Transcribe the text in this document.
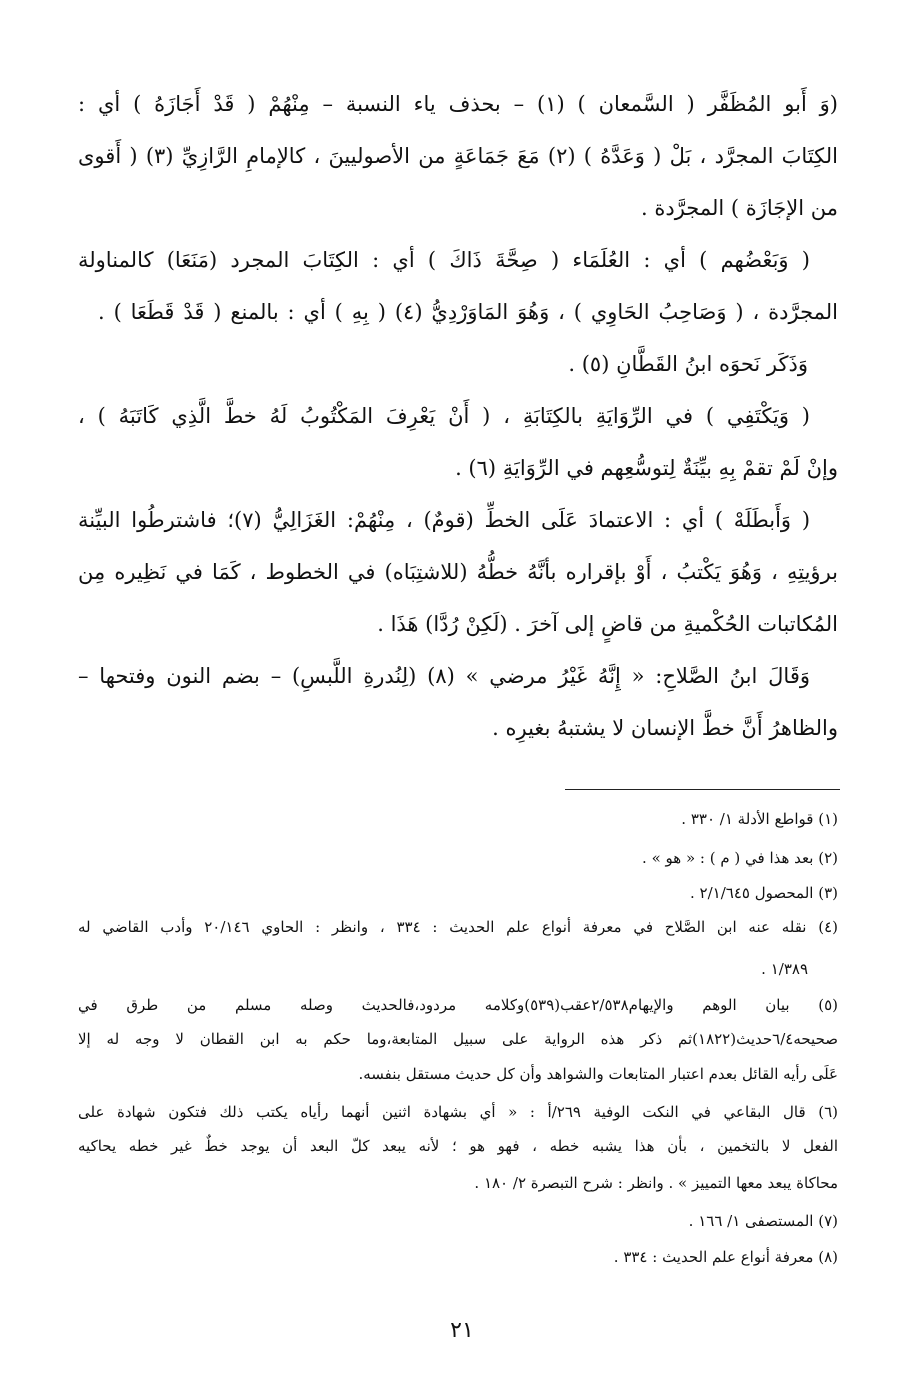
(وَ أَبو المُظَفَّر ( السَّمعان ) (١) – بحذف ياء النسبة – مِنْهُمْ ( قَدْ أَجَازَهُ ) أي :
الكِتَابَ المجرَّد ، بَلْ ( وَعَدَّهُ ) (٢) مَعَ جَمَاعَةٍ من الأصوليينَ ، كالإمامِ الرَّازِيِّ (٣) ( أَقوى
من الإجَازَة ) المجرَّدة .
( وَبَعْضُهم ) أي : العُلَمَاء ( صِحَّةَ ذَاكَ ) أي : الكِتَابَ المجرد (مَنَعَا) كالمناولة
المجرَّدة ، ( وَصَاحِبُ الحَاوِي ) ، وَهُوَ المَاوَرْدِيُّ (٤) ( بِهِ ) أي : بالمنع ( قَدْ قَطَعَا ) .
وَذَكَر نَحوَه ابنُ القَطَّانِ (٥) .
( وَيَكْتَفِي ) في الرِّوَايَةِ بالكِتَابَةِ ، ( أَنْ يَعْرِفَ المَكْتُوبُ لَهُ خطَّ الَّذِي كَاتَبَهُ ) ،
وإنْ لَمْ تقمْ بِهِ بيِّنَةٌ لِتوسُّعِهم في الرِّوَايَةِ (٦) .
( وَأَبطَلَهْ ) أي : الاعتمادَ عَلَى الخطِّ (قومٌ) ، مِنْهُمْ: الغَزَالِيُّ (٧)؛ فاشترطُوا البيِّنة
برؤيتِهِ ، وَهُوَ يَكْتبُ ، أَوْ بإقراره بأنَّهُ خطُّهُ (للاشتِبَاه) في الخطوط ، كَمَا في نَظِيره مِن
المُكاتبات الحُكْميةِ من قاضٍ إلى آخرَ . (لَكِنْ رُدَّا) هَذَا .
وَقَالَ ابنُ الصَّلاحِ: « إِنَّهُ غَيْرُ مرضي » (٨) (لِنُدرةِ اللَّبسِ) – بضم النون وفتحها –
والظاهرُ أَنَّ خطَّ الإنسان لا يشتبهُ بغيرِه .
(١) قواطع الأدلة ١/ ٣٣٠ .
(٢) بعد هذا في ( م ) : « هو » .
(٣) المحصول ٢/١/٦٤٥ .
(٤) نقله عنه ابن الصَّلاح في معرفة أنواع علم الحديث : ٣٣٤ ، وانظر : الحاوي ٢٠/١٤٦ وأدب القاضي له
١/٣٨٩ .
(٥) بيان الوهم والإيهام٢/٥٣٨عقب(٥٣٩)وكلامه مردود،فالحديث وصله مسلم من طرق في
صحيحه٦/٤حديث(١٨٢٢)ثم ذكر هذه الرواية على سبيل المتابعة،وما حكم به ابن القطان لا وجه له إلا
عَلَى رأيه القائل بعدم اعتبار المتابعات والشواهد وأن كل حديث مستقل بنفسه.
(٦) قال البقاعي في النكت الوفية ٢٦٩/أ : « أي بشهادة اثنين أنهما رأياه يكتب ذلك فتكون شهادة على
الفعل لا بالتخمين ، بأن هذا يشبه خطه ، فهو هو ؛ لأنه يبعد كلّ البعد أن يوجد خطٌ غير خطه يحاكيه
محاكاة يبعد معها التمييز » . وانظر : شرح التبصرة ٢/ ١٨٠ .
(٧) المستصفى ١/ ١٦٦ .
(٨) معرفة أنواع علم الحديث : ٣٣٤ .
٢١
